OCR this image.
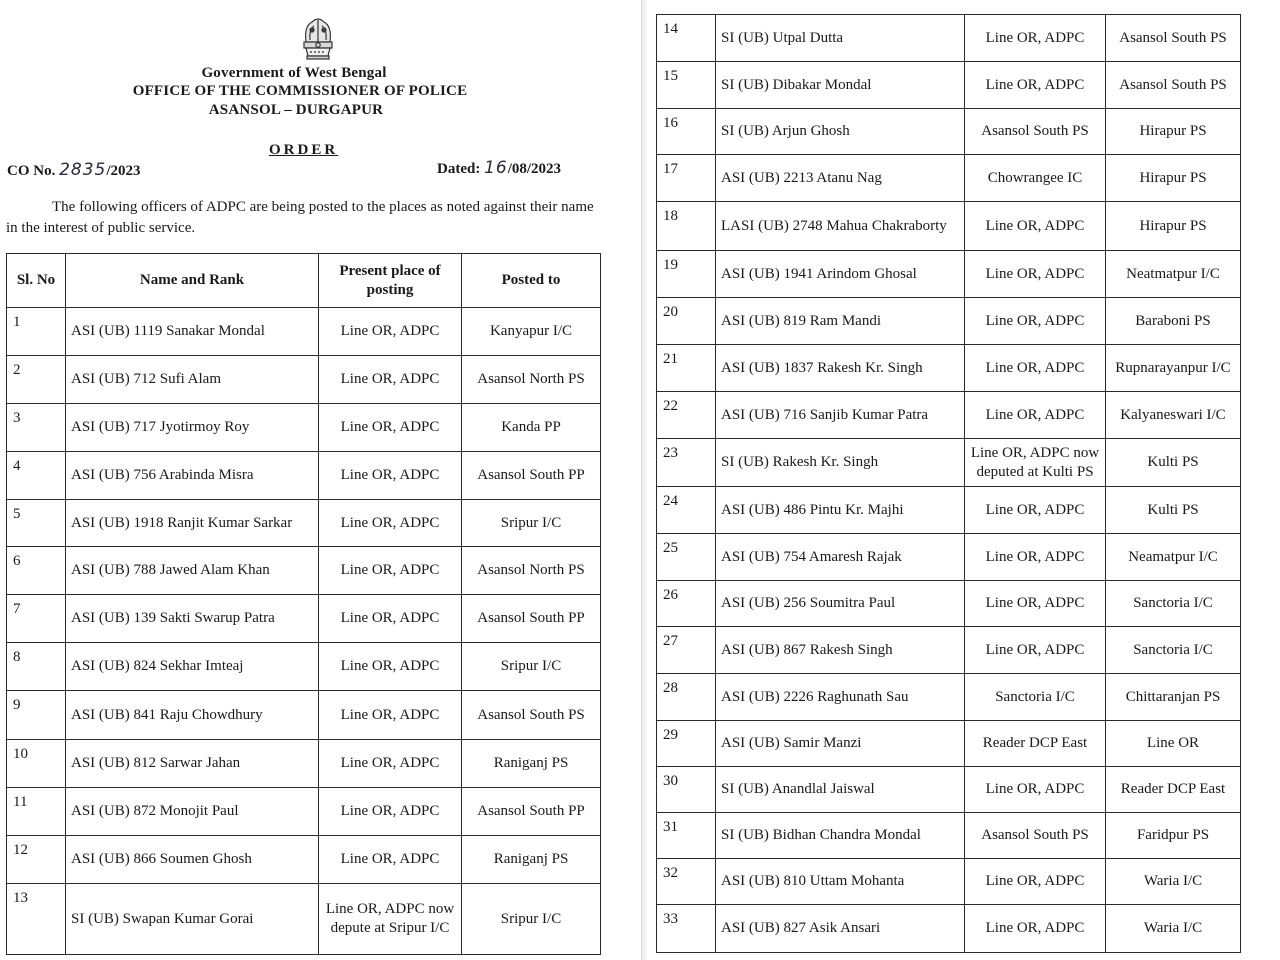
Government of West Bengal
OFFICE OF THE COMMISSIONER OF POLICE
ASANSOL – DURGAPUR
ORDER
CO No. 2835/2023	Dated: 16/08/2023
The following officers of ADPC are being posted to the places as noted against their name in the interest of public service.
Sl. No	Name and Rank	Present place of posting	Posted to
1	ASI (UB) 1119 Sanakar Mondal	Line OR, ADPC	Kanyapur I/C
2	ASI (UB) 712 Sufi Alam	Line OR, ADPC	Asansol North PS
3	ASI (UB) 717 Jyotirmoy Roy	Line OR, ADPC	Kanda PP
4	ASI (UB) 756 Arabinda Misra	Line OR, ADPC	Asansol South PP
5	ASI (UB) 1918 Ranjit Kumar Sarkar	Line OR, ADPC	Sripur I/C
6	ASI (UB) 788 Jawed Alam Khan	Line OR, ADPC	Asansol North PS
7	ASI (UB) 139 Sakti Swarup Patra	Line OR, ADPC	Asansol South PP
8	ASI (UB) 824 Sekhar Imteaj	Line OR, ADPC	Sripur I/C
9	ASI (UB) 841 Raju Chowdhury	Line OR, ADPC	Asansol South PS
10	ASI (UB) 812 Sarwar Jahan	Line OR, ADPC	Raniganj PS
11	ASI (UB) 872 Monojit Paul	Line OR, ADPC	Asansol South PP
12	ASI (UB) 866 Soumen Ghosh	Line OR, ADPC	Raniganj PS
13	SI (UB) Swapan Kumar Gorai	Line OR, ADPC now depute at Sripur I/C	Sripur I/C
14	SI (UB) Utpal Dutta	Line OR, ADPC	Asansol South PS
15	SI (UB) Dibakar Mondal	Line OR, ADPC	Asansol South PS
16	SI (UB) Arjun Ghosh	Asansol South PS	Hirapur PS
17	ASI (UB) 2213 Atanu Nag	Chowrangee IC	Hirapur PS
18	LASI (UB) 2748 Mahua Chakraborty	Line OR, ADPC	Hirapur PS
19	ASI (UB) 1941 Arindom Ghosal	Line OR, ADPC	Neatmatpur I/C
20	ASI (UB) 819 Ram Mandi	Line OR, ADPC	Baraboni PS
21	ASI (UB) 1837 Rakesh Kr. Singh	Line OR, ADPC	Rupnarayanpur I/C
22	ASI (UB) 716 Sanjib Kumar Patra	Line OR, ADPC	Kalyaneswari I/C
23	SI (UB) Rakesh Kr. Singh	Line OR, ADPC now deputed at Kulti PS	Kulti PS
24	ASI (UB) 486 Pintu Kr. Majhi	Line OR, ADPC	Kulti PS
25	ASI (UB) 754 Amaresh Rajak	Line OR, ADPC	Neamatpur I/C
26	ASI (UB) 256 Soumitra Paul	Line OR, ADPC	Sanctoria I/C
27	ASI (UB) 867 Rakesh Singh	Line OR, ADPC	Sanctoria I/C
28	ASI (UB) 2226 Raghunath Sau	Sanctoria I/C	Chittaranjan PS
29	ASI (UB) Samir Manzi	Reader DCP East	Line OR
30	SI (UB) Anandlal Jaiswal	Line OR, ADPC	Reader DCP East
31	SI (UB) Bidhan Chandra Mondal	Asansol South PS	Faridpur PS
32	ASI (UB) 810 Uttam Mohanta	Line OR, ADPC	Waria I/C
33	ASI (UB) 827 Asik Ansari	Line OR, ADPC	Waria I/C
